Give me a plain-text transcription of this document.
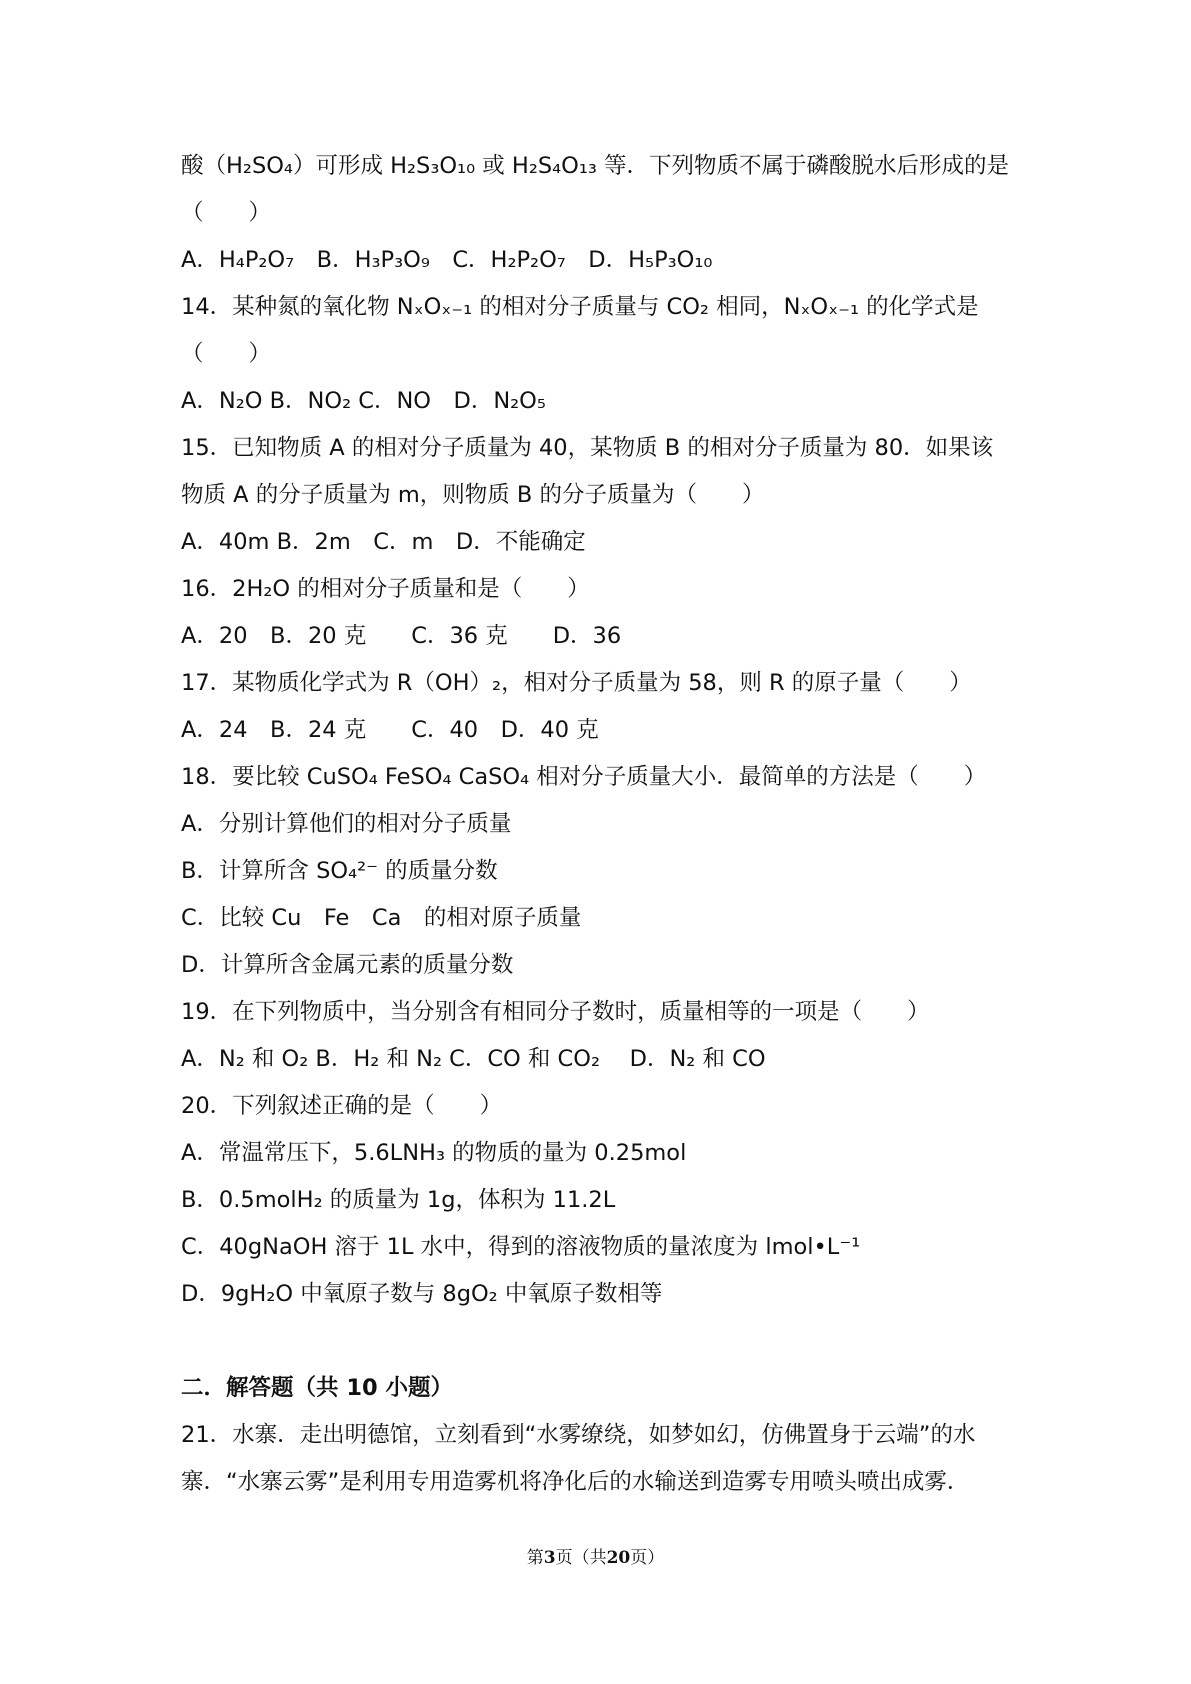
酸（H₂SO₄）可形成 H₂S₃O₁₀ 或 H₂S₄O₁₃ 等．下列物质不属于磷酸脱水后形成的是
（　　）
A．H₄P₂O₇　B．H₃P₃O₉　C．H₂P₂O₇　D．H₅P₃O₁₀
14．某种氮的氧化物 NₓOₓ₋₁ 的相对分子质量与 CO₂ 相同，NₓOₓ₋₁ 的化学式是
（　　）
A．N₂O B．NO₂ C．NO　D．N₂O₅
15．已知物质 A 的相对分子质量为 40，某物质 B 的相对分子质量为 80．如果该
物质 A 的分子质量为 m，则物质 B 的分子质量为（　　）
A．40m B．2m　C．m　D．不能确定
16．2H₂O 的相对分子质量和是（　　）
A．20　B．20 克　　C．36 克　　D．36
17．某物质化学式为 R（OH）₂，相对分子质量为 58，则 R 的原子量（　　）
A．24　B．24 克　　C．40　D．40 克
18．要比较 CuSO₄ FeSO₄ CaSO₄ 相对分子质量大小．最简单的方法是（　　）
A．分别计算他们的相对分子质量
B．计算所含 SO₄²⁻ 的质量分数
C．比较 Cu　Fe　Ca　的相对原子质量
D．计算所含金属元素的质量分数
19．在下列物质中，当分别含有相同分子数时，质量相等的一项是（　　）
A．N₂ 和 O₂ B．H₂ 和 N₂ C．CO 和 CO₂　 D．N₂ 和 CO
20．下列叙述正确的是（　　）
A．常温常压下，5.6LNH₃ 的物质的量为 0.25mol
B．0.5molH₂ 的质量为 1g，体积为 11.2L
C．40gNaOH 溶于 1L 水中，得到的溶液物质的量浓度为 lmol•L⁻¹
D．9gH₂O 中氧原子数与 8gO₂ 中氧原子数相等
二．解答题（共 10 小题）
21．水寨．走出明德馆，立刻看到“水雾缭绕，如梦如幻，仿佛置身于云端”的水
寨．“水寨云雾”是利用专用造雾机将净化后的水输送到造雾专用喷头喷出成雾．
第3页（共20页）
